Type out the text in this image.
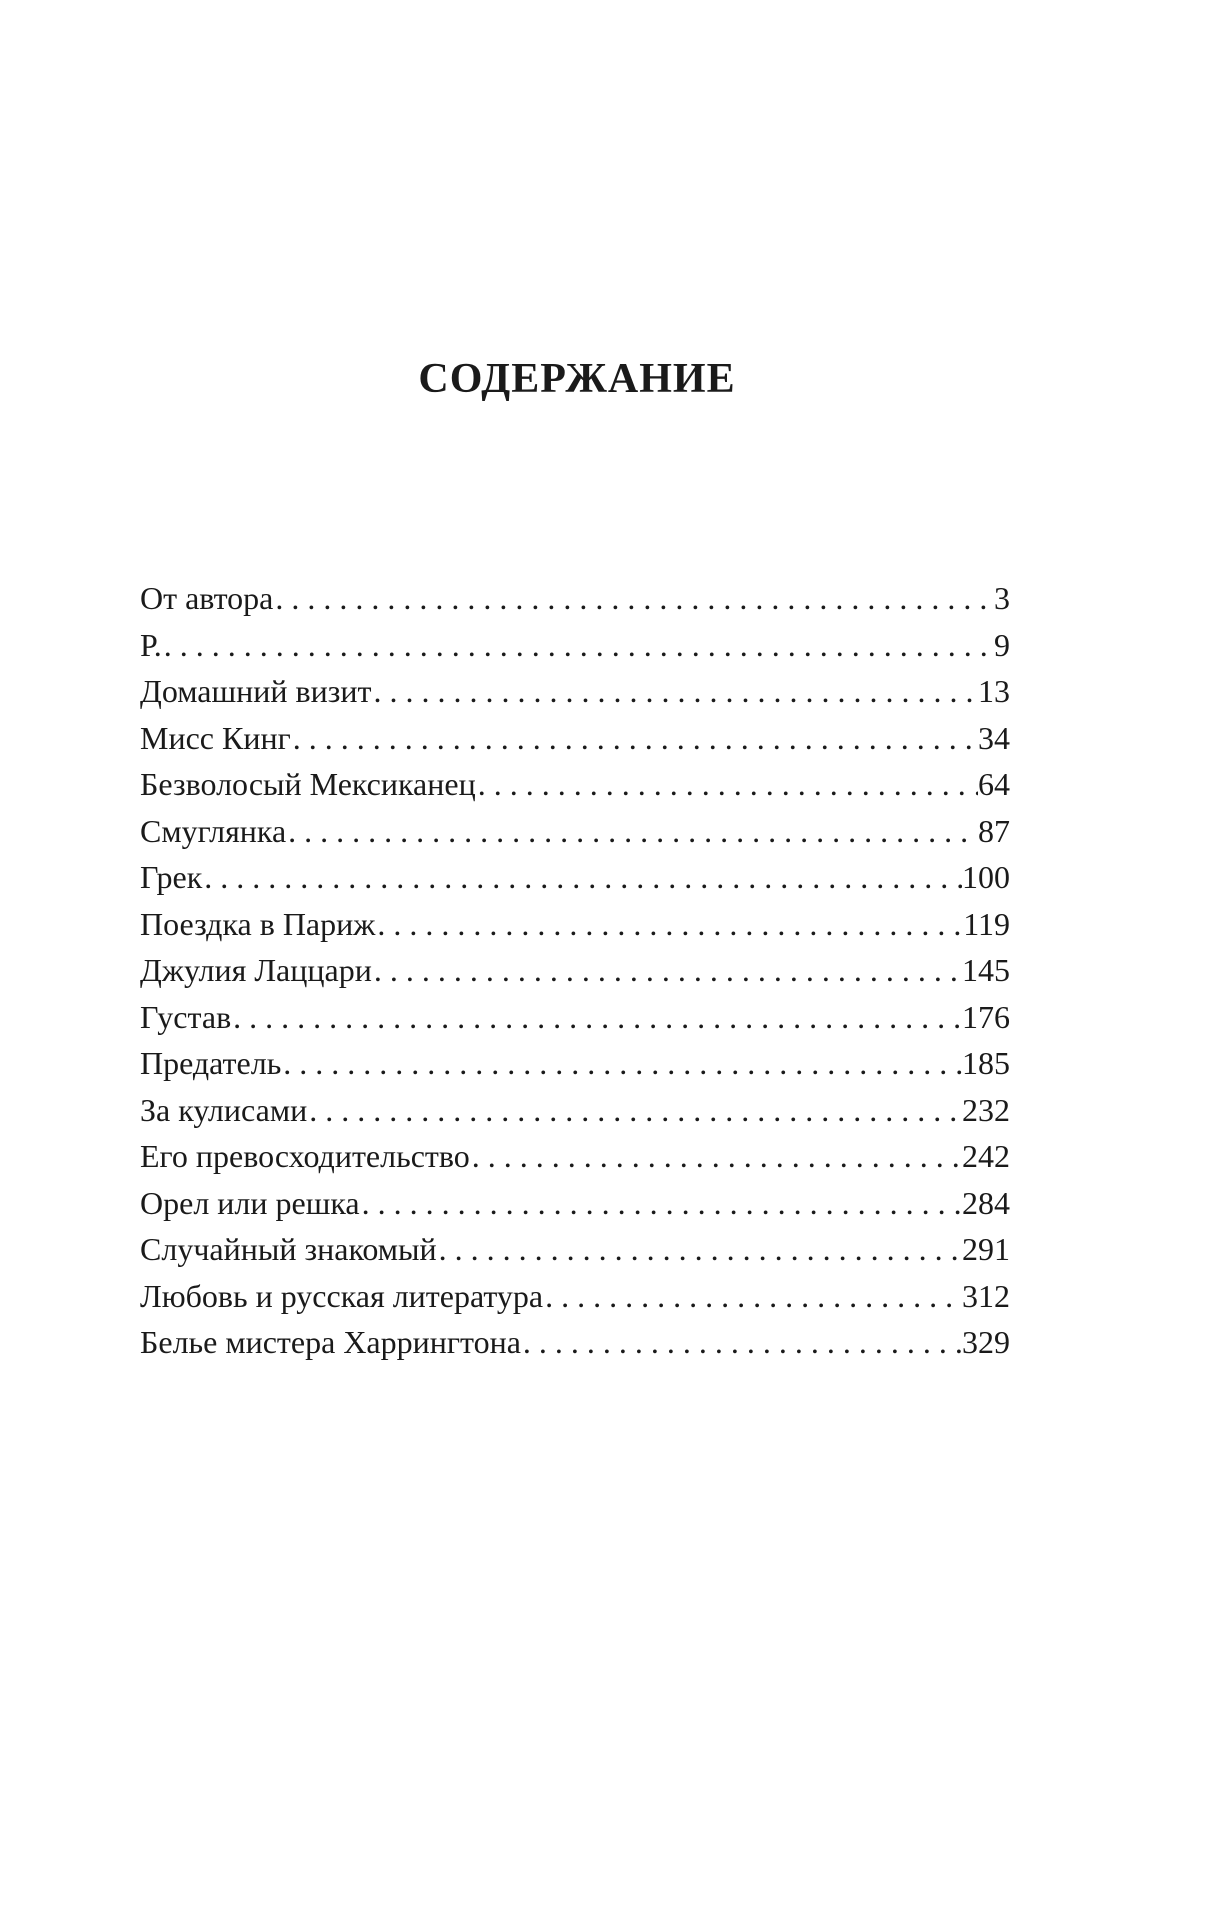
СОДЕРЖАНИЕ
От автора . . .	3
Р. . . .	9
Домашний визит . . .	13
Мисс Кинг . . .	34
Безволосый Мексиканец . . .	64
Смуглянка . . .	87
Грек . . .	100
Поездка в Париж . . .	119
Джулия Лаццари . . .	145
Густав . . .	176
Предатель . . .	185
За кулисами . . .	232
Его превосходительство . . .	242
Орел или решка . . .	284
Случайный знакомый . . .	291
Любовь и русская литература . . .	312
Белье мистера Харрингтона . . .	329
